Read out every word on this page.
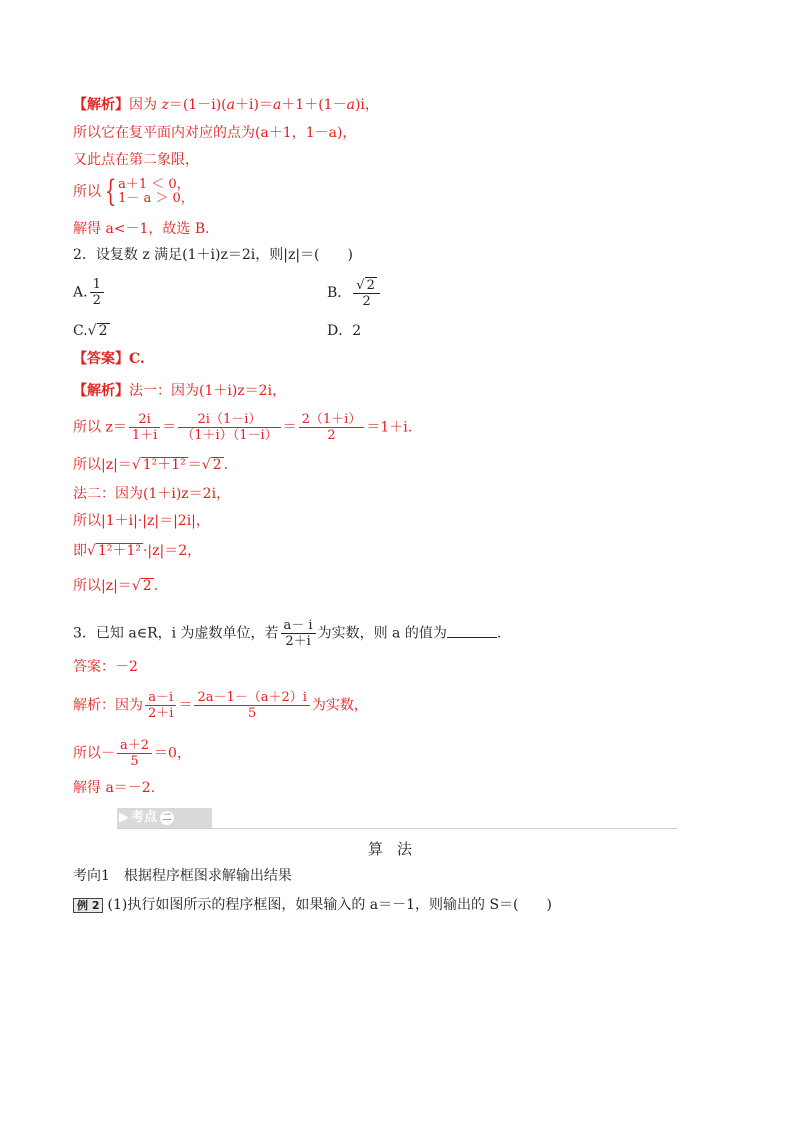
【解析】因为 z＝(1－i)(a＋i)＝a＋1＋(1－a)i，
所以它在复平面内对应的点为(a＋1，1－a)，
又此点在第二象限，
所以 { a＋1 ＜ 0，
1－ a ＞ 0，
解得 a<－1，故选 B.
2．设复数 z 满足(1＋i)z＝2i，则|z|＝(　　)
A. $\frac{1}{2}$	B． $\frac{√ 2}{2}$
C.√ 2	D．2
【答案】C.
【解析】法一：因为(1＋i)z＝2i，
所以 $z= \frac{2i}{1+i} = \frac{2i(1-i)}{(1+i)(1-i)} = \frac{2(1+i)}{2} =1+i$.
所以|z|＝√ 1²＋1² ＝√ 2 .
法二：因为(1＋i)z＝2i，
所以|1＋i|·|z|＝|2i|，
即√ 1²＋1² ·|z|＝2，
所以|z|＝√ 2 .
3．已知 a∈R，i 为虚数单位，若 $\frac{a- i}{2+i}$ 为实数，则 a 的值为	.
答案：－2
解析：因为 $\frac{a-i}{2+i} = \frac{2a-1-(a+2)i}{5}$ 为实数，
所以－ $\frac{a+2}{5} =0$，
解得 a＝－2.
▶ 考点 二
算法
考向1　根据程序框图求解输出结果
例 2 (1)执行如图所示的程序框图，如果输入的 a＝－1，则输出的 S＝(　　)
